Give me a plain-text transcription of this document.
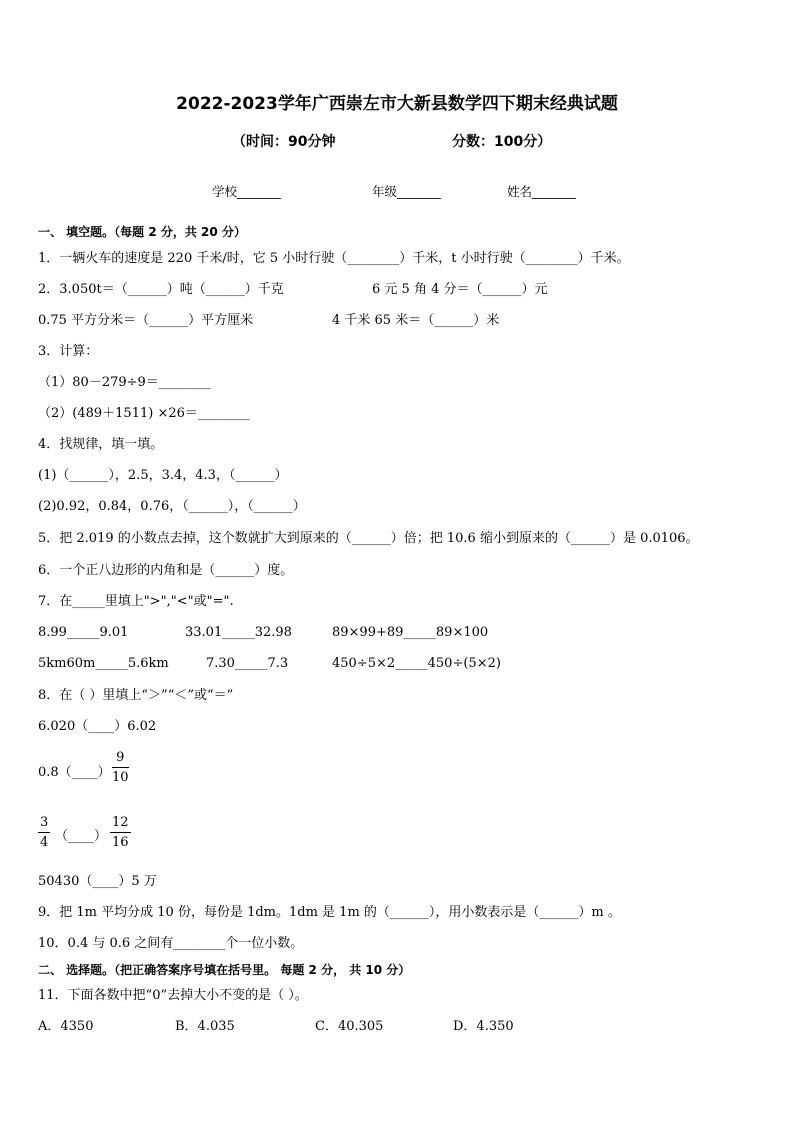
2022-2023学年广西崇左市大新县数学四下期末经典试题
（时间：90分钟	分数：100分）
学校_______	年级_______	姓名_______
一、 填空题。（每题 2 分，共 20 分）
1．一辆火车的速度是 220 千米/时，它 5 小时行驶（________）千米，t 小时行驶（________）千米。
2．3.050t＝（______）吨（______）千克	6 元 5 角 4 分＝（______）元
0.75 平方分米＝（______）平方厘米	4 千米 65 米＝（______）米
3．计算：
（1）80－279÷9＝________
（2）(489＋1511) ×26＝________
4．找规律，填一填。
(1)（______），2.5，3.4，4.3，（______）
(2)0.92，0.84，0.76，（______），（______）
5．把 2.019 的小数点去掉，这个数就扩大到原来的（______）倍；把 10.6 缩小到原来的（______）是 0.0106。
6．一个正八边形的内角和是（______）度。
7．在_____里填上">","<"或"=".
8.99_____9.01	33.01_____32.98	89×99+89_____89×100
5km60m_____5.6km	7.30_____7.3	450÷5×2_____450÷(5×2)
8．在（ ）里填上“＞”“＜”或“＝”
6.020（____）6.02
0.8（____） $\frac{9}{10}$
$\frac{3}{4}$ （____） $\frac{12}{16}$
50430（____）5 万
9．把 1m 平均分成 10 份，每份是 1dm。1dm 是 1m 的（______），用小数表示是（______）m 。
10．0.4 与 0.6 之间有________个一位小数。
二、 选择题。（把正确答案序号填在括号里。 每题 2 分， 共 10 分）
11．下面各数中把“0”去掉大小不变的是（ ）。
A．4350	B．4.035	C．40.305	D．4.350
